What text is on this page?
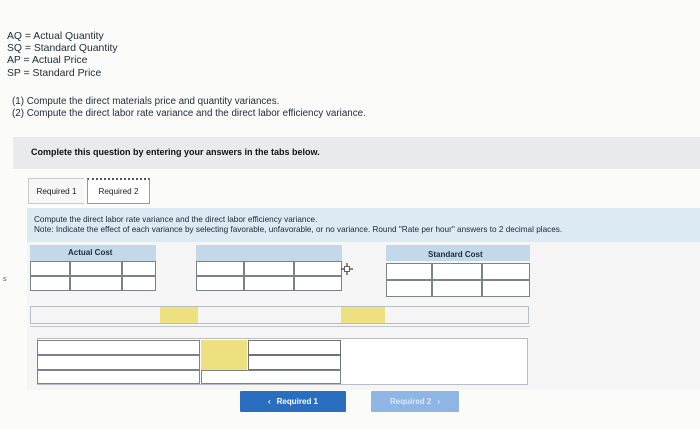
s
AQ = Actual Quantity
SQ = Standard Quantity
AP = Actual Price
SP = Standard Price
(1) Compute the direct materials price and quantity variances.
(2) Compute the direct labor rate variance and the direct labor efficiency variance.
Complete this question by entering your answers in the tabs below.
Required 1	Required 2
Compute the direct labor rate variance and the direct labor efficiency variance.
Note: Indicate the effect of each variance by selecting favorable, unfavorable, or no variance. Round "Rate per hour" answers to 2 decimal places.
Actual Cost	Standard Cost
‹ Required 1	Required 2 ›
